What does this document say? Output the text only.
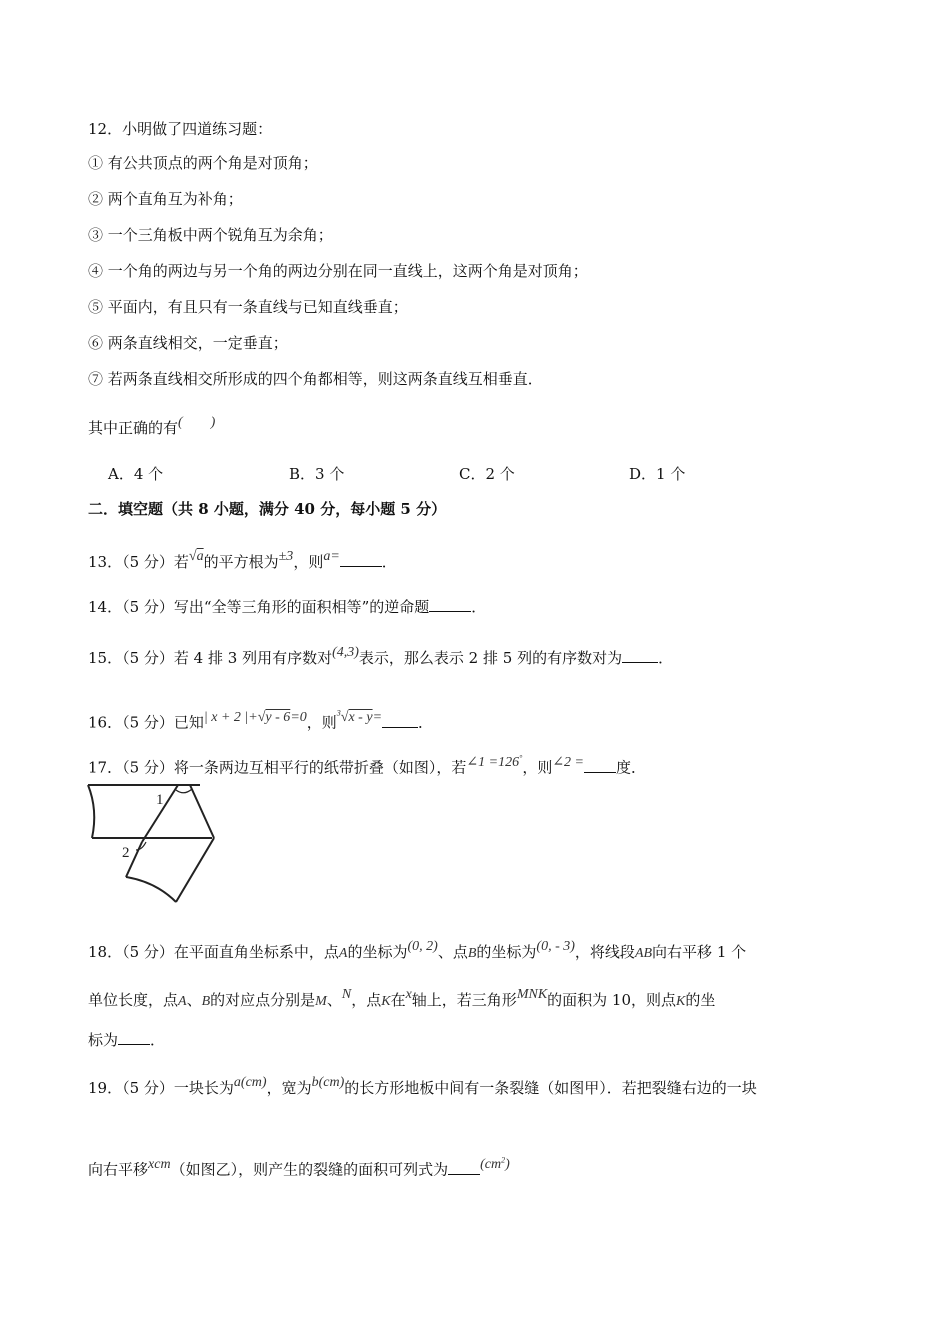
12．小明做了四道练习题：
① 有公共顶点的两个角是对顶角；
② 两个直角互为补角；
③ 一个三角板中两个锐角互为余角；
④ 一个角的两边与另一个角的两边分别在同一直线上，这两个角是对顶角；
⑤ 平面内，有且只有一条直线与已知直线垂直；
⑥ 两条直线相交，一定垂直；
⑦ 若两条直线相交所形成的四个角都相等，则这两条直线互相垂直．
其中正确的有(　　)
A．4 个	B．3 个	C．2 个	D．1 个
二．填空题（共 8 小题，满分 40 分，每小题 5 分）
13．（5 分）若√a的平方根为±3，则a=	．
14．（5 分）写出“全等三角形的面积相等”的逆命题	．
15．（5 分）若 4 排 3 列用有序数对(4,3)表示，那么表示 2 排 5 列的有序数对为 ．
16．（5 分）已知| x + 2 |+√y - 6=0，则$^3$√x - y= ．
17．（5 分）将一条两边互相平行的纸带折叠（如图），若∠1 =126°，则∠2 = 度．
1
2
18．（5 分）在平面直角坐标系中，点A的坐标为(0, 2)、点B的坐标为(0, - 3)，将线段AB向右平移 1 个
单位长度，点A、B的对应点分别是M、N，点K在x轴上，若三角形MNK的面积为 10，则点K的坐
标为 ．
19．（5 分）一块长为a(cm)，宽为b(cm)的长方形地板中间有一条裂缝（如图甲）．若把裂缝右边的一块
向右平移xcm（如图乙），则产生的裂缝的面积可列式为 $(cm^2)$
